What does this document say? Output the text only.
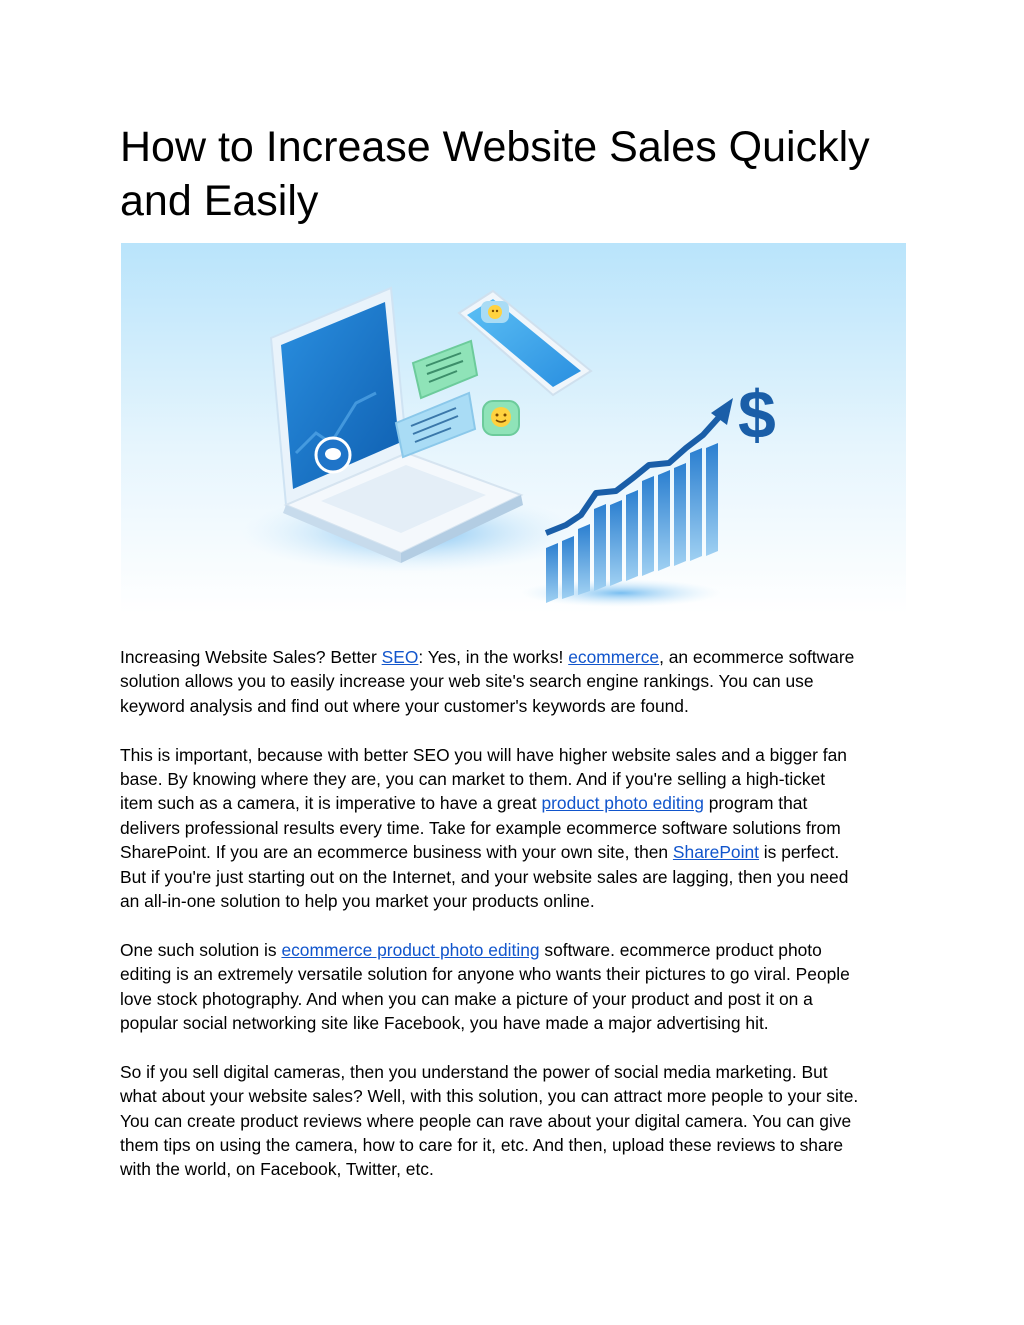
How to Increase Website Sales Quickly
and Easily
$

Increasing Website Sales? Better SEO: Yes, in the works! ecommerce, an ecommerce software
solution allows you to easily increase your web site's search engine rankings. You can use
keyword analysis and find out where your customer's keywords are found.

This is important, because with better SEO you will have higher website sales and a bigger fan
base. By knowing where they are, you can market to them. And if you're selling a high-ticket
item such as a camera, it is imperative to have a great product photo editing program that
delivers professional results every time. Take for example ecommerce software solutions from
SharePoint. If you are an ecommerce business with your own site, then SharePoint is perfect.
But if you're just starting out on the Internet, and your website sales are lagging, then you need
an all-in-one solution to help you market your products online.

One such solution is ecommerce product photo editing software. ecommerce product photo
editing is an extremely versatile solution for anyone who wants their pictures to go viral. People
love stock photography. And when you can make a picture of your product and post it on a
popular social networking site like Facebook, you have made a major advertising hit.

So if you sell digital cameras, then you understand the power of social media marketing. But
what about your website sales? Well, with this solution, you can attract more people to your site.
You can create product reviews where people can rave about your digital camera. You can give
them tips on using the camera, how to care for it, etc. And then, upload these reviews to share
with the world, on Facebook, Twitter, etc.
